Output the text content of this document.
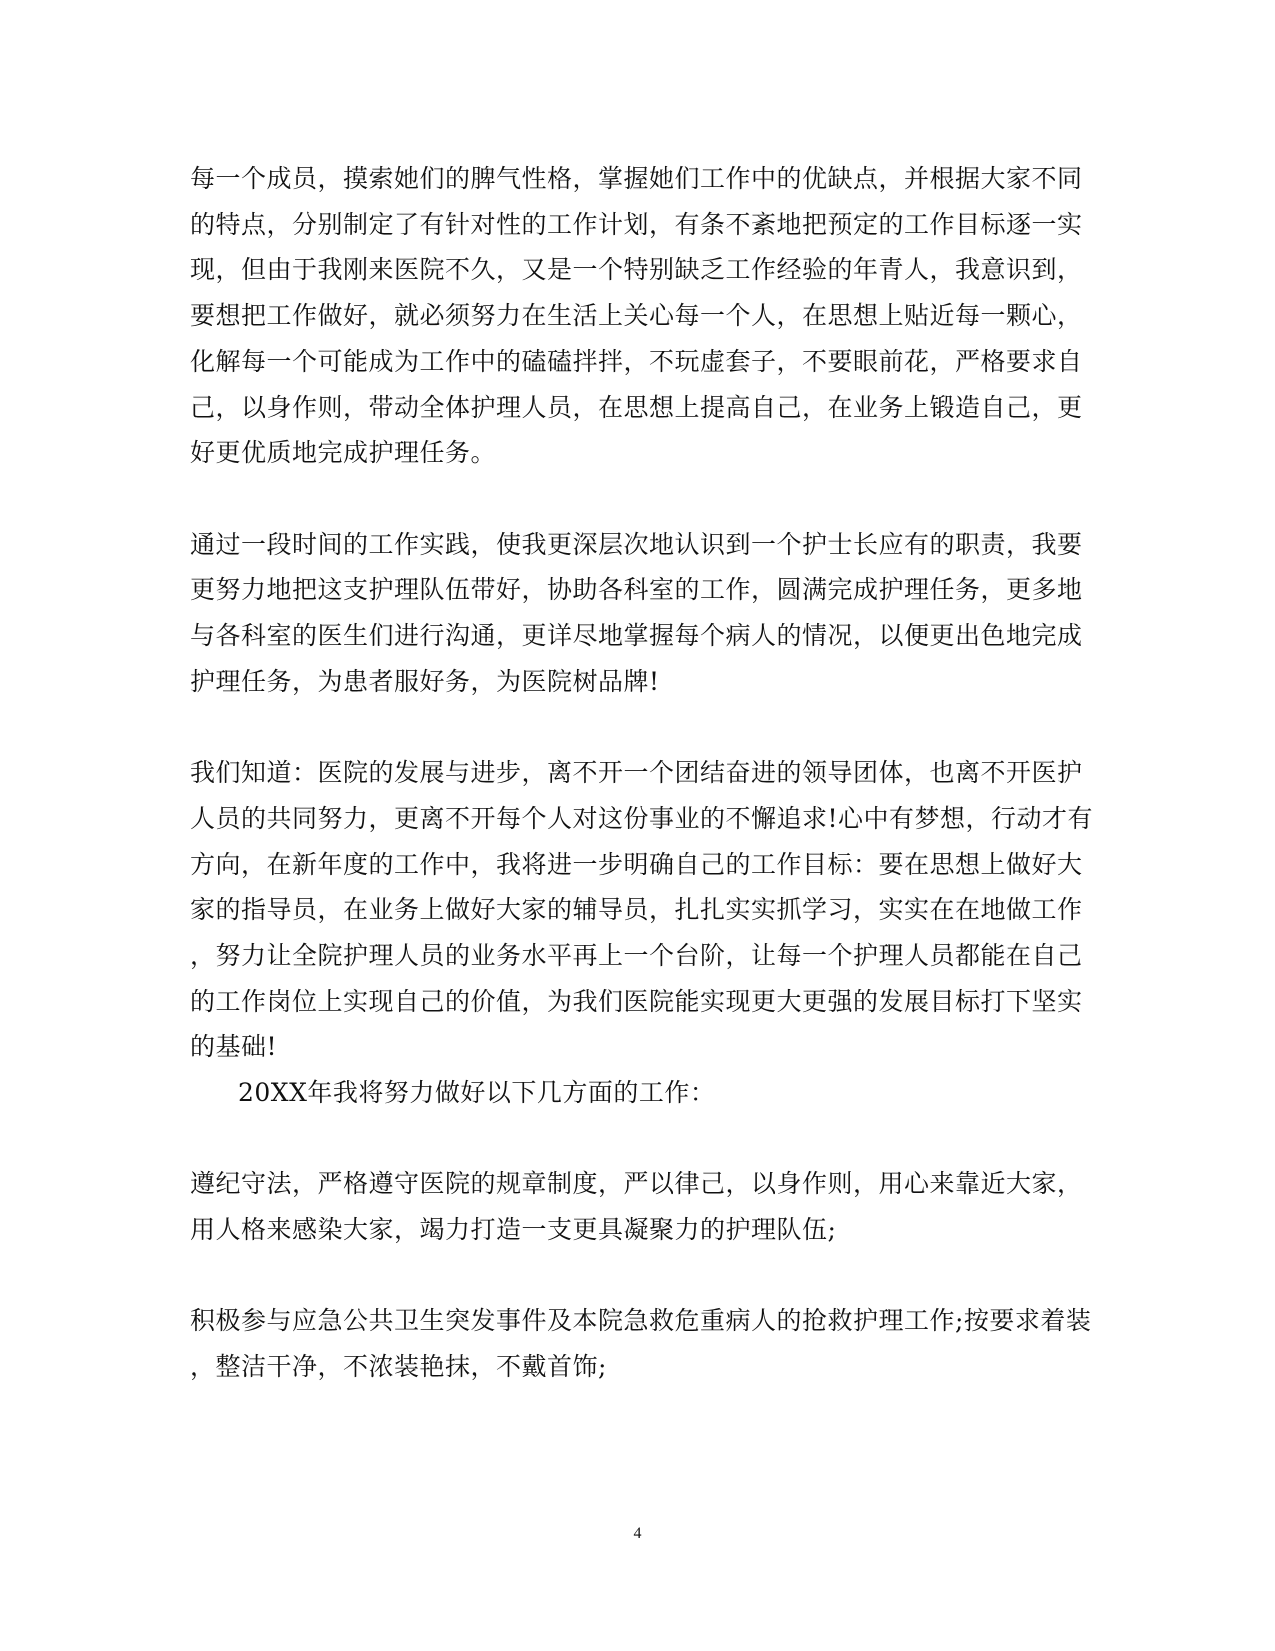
每一个成员，摸索她们的脾气性格，掌握她们工作中的优缺点，并根据大家不同
的特点，分别制定了有针对性的工作计划，有条不紊地把预定的工作目标逐一实
现，但由于我刚来医院不久，又是一个特别缺乏工作经验的年青人，我意识到，
要想把工作做好，就必须努力在生活上关心每一个人，在思想上贴近每一颗心，
化解每一个可能成为工作中的磕磕拌拌，不玩虚套子，不要眼前花，严格要求自
己，以身作则，带动全体护理人员，在思想上提高自己，在业务上锻造自己，更
好更优质地完成护理任务。
通过一段时间的工作实践，使我更深层次地认识到一个护士长应有的职责，我要
更努力地把这支护理队伍带好，协助各科室的工作，圆满完成护理任务，更多地
与各科室的医生们进行沟通，更详尽地掌握每个病人的情况，以便更出色地完成
护理任务，为患者服好务，为医院树品牌!
我们知道：医院的发展与进步，离不开一个团结奋进的领导团体，也离不开医护
人员的共同努力，更离不开每个人对这份事业的不懈追求!心中有梦想，行动才有
方向，在新年度的工作中，我将进一步明确自己的工作目标：要在思想上做好大
家的指导员，在业务上做好大家的辅导员，扎扎实实抓学习，实实在在地做工作
，努力让全院护理人员的业务水平再上一个台阶，让每一个护理人员都能在自己
的工作岗位上实现自己的价值，为我们医院能实现更大更强的发展目标打下坚实
的基础!
20XX年我将努力做好以下几方面的工作：
遵纪守法，严格遵守医院的规章制度，严以律己，以身作则，用心来靠近大家，
用人格来感染大家，竭力打造一支更具凝聚力的护理队伍;
积极参与应急公共卫生突发事件及本院急救危重病人的抢救护理工作;按要求着装
，整洁干净，不浓装艳抹，不戴首饰;
4
